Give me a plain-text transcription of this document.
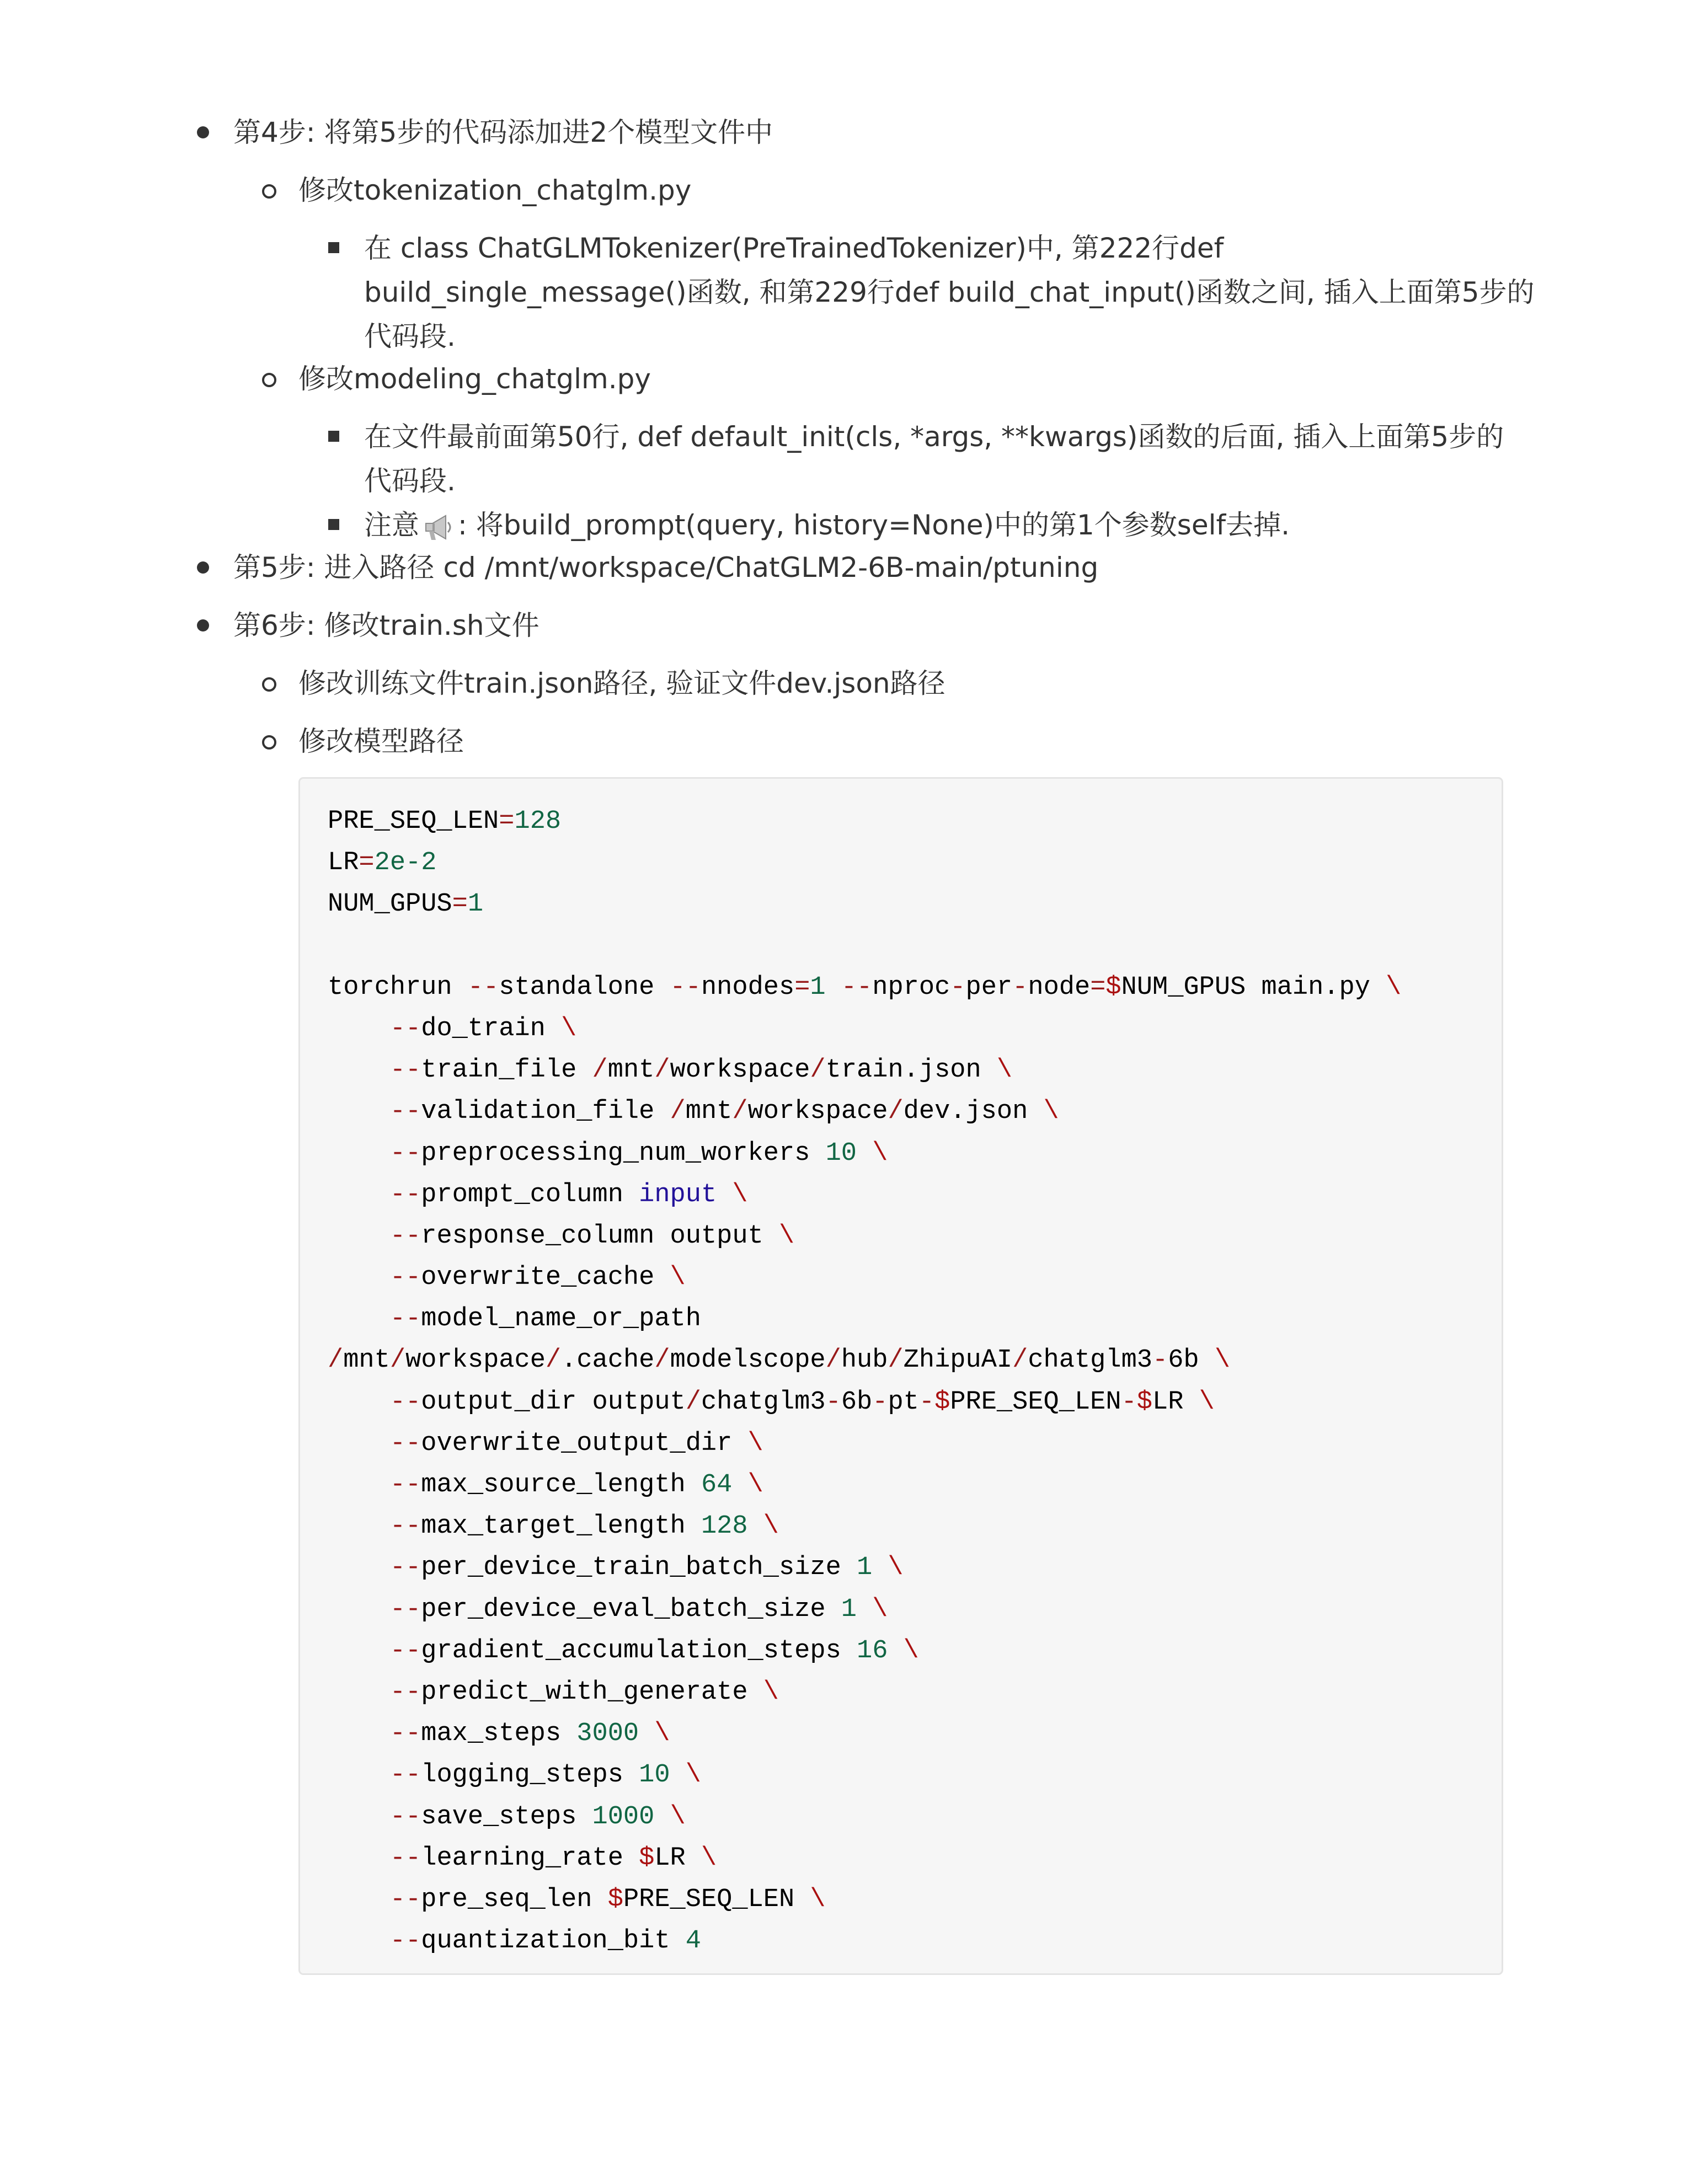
第4步: 将第5步的代码添加进2个模型文件中
修改tokenization_chatglm.py
在 class ChatGLMTokenizer(PreTrainedTokenizer)中, 第222行def
build_single_message()函数, 和第229行def build_chat_input()函数之间, 插入上面第5步的
代码段.
修改modeling_chatglm.py
在文件最前面第50行, def default_init(cls, *args, **kwargs)函数的后面, 插入上面第5步的
代码段.
注意 : 将build_prompt(query, history=None)中的第1个参数self去掉.
第5步: 进入路径 cd /mnt/workspace/ChatGLM2-6B-main/ptuning
第6步: 修改train.sh文件
修改训练文件train.json路径, 验证文件dev.json路径
修改模型路径
PRE_SEQ_LEN=128
LR=2e-2
NUM_GPUS=1

torchrun --standalone --nnodes=1 --nproc-per-node=$NUM_GPUS main.py \
--do_train \
--train_file /mnt/workspace/train.json \
--validation_file /mnt/workspace/dev.json \
--preprocessing_num_workers 10 \
--prompt_column input \
--response_column output \
--overwrite_cache \
--model_name_or_path
/mnt/workspace/.cache/modelscope/hub/ZhipuAI/chatglm3-6b \
--output_dir output/chatglm3-6b-pt-$PRE_SEQ_LEN-$LR \
--overwrite_output_dir \
--max_source_length 64 \
--max_target_length 128 \
--per_device_train_batch_size 1 \
--per_device_eval_batch_size 1 \
--gradient_accumulation_steps 16 \
--predict_with_generate \
--max_steps 3000 \
--logging_steps 10 \
--save_steps 1000 \
--learning_rate $LR \
--pre_seq_len $PRE_SEQ_LEN \
--quantization_bit 4
